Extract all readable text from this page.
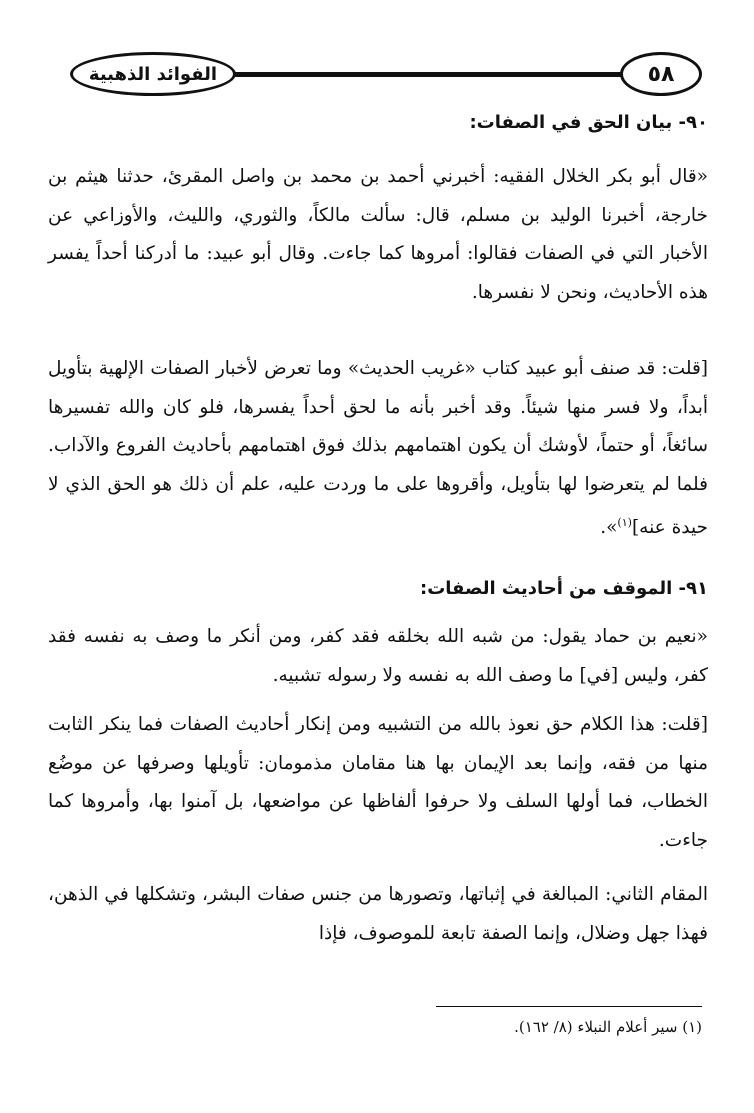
الفوائد الذهبية	٥٨
٩٠- بيان الحق في الصفات:

«قال أبو بكر الخلال الفقيه: أخبرني أحمد بن محمد بن واصل المقرئ، حدثنا هيثم بن خارجة، أخبرنا الوليد بن مسلم، قال: سألت مالكاً، والثوري، والليث، والأوزاعي عن الأخبار التي في الصفات فقالوا: أمروها كما جاءت. وقال أبو عبيد: ما أدركنا أحداً يفسر هذه الأحاديث، ونحن لا نفسرها.

[قلت: قد صنف أبو عبيد كتاب «غريب الحديث» وما تعرض لأخبار الصفات الإلهية بتأويل أبداً، ولا فسر منها شيئاً. وقد أخبر بأنه ما لحق أحداً يفسرها، فلو كان والله تفسيرها سائغاً، أو حتماً، لأوشك أن يكون اهتمامهم بذلك فوق اهتمامهم بأحاديث الفروع والآداب. فلما لم يتعرضوا لها بتأويل، وأقروها على ما وردت عليه، علم أن ذلك هو الحق الذي لا حيدة عنه]$^{(١)}$».

٩١- الموقف من أحاديث الصفات:

«نعيم بن حماد يقول: من شبه الله بخلقه فقد كفر، ومن أنكر ما وصف به نفسه فقد كفر، وليس [في] ما وصف الله به نفسه ولا رسوله تشبيه.

[قلت: هذا الكلام حق نعوذ بالله من التشبيه ومن إنكار أحاديث الصفات فما ينكر الثابت منها من فقه، وإنما بعد الإيمان بها هنا مقامان مذمومان: تأويلها وصرفها عن موضُع الخطاب، فما أولها السلف ولا حرفوا ألفاظها عن مواضعها، بل آمنوا بها، وأمروها كما جاءت.

المقام الثاني: المبالغة في إثباتها، وتصورها من جنس صفات البشر، وتشكلها في الذهن، فهذا جهل وضلال، وإنما الصفة تابعة للموصوف، فإذا

(١) سير أعلام النبلاء (٨/ ١٦٢).
